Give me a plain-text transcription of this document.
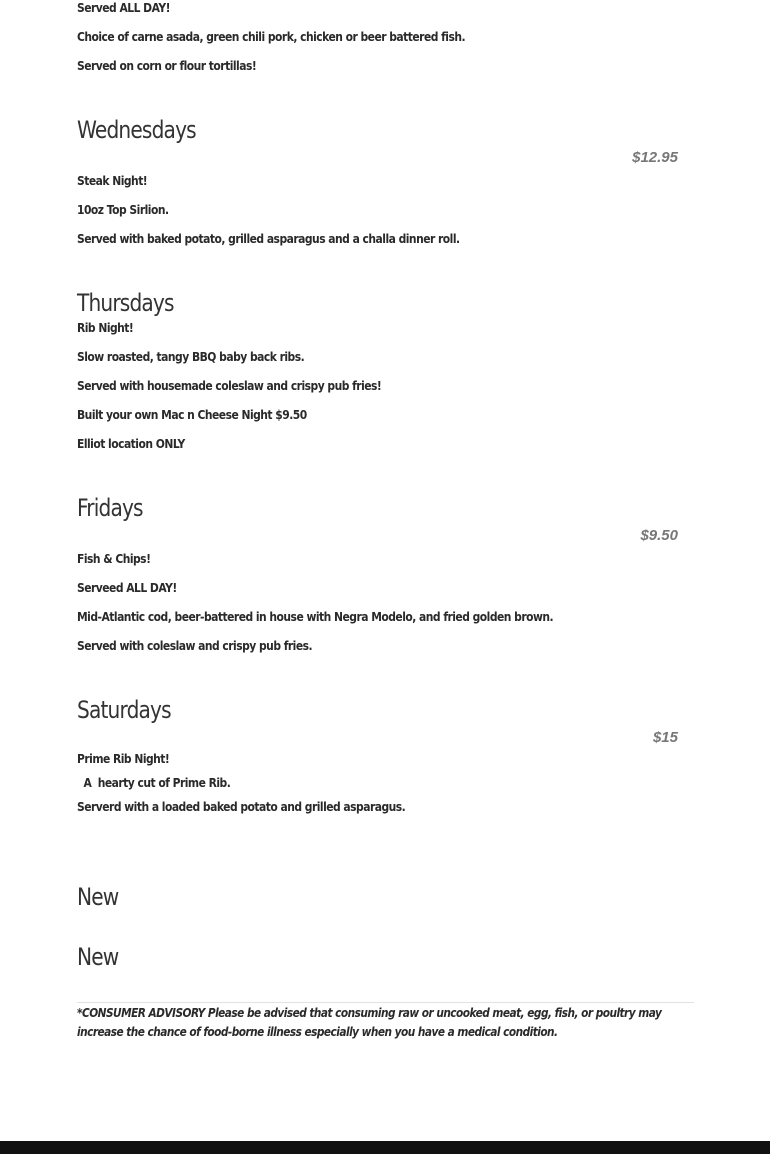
Served ALL DAY!
Choice of carne asada, green chili pork, chicken or beer battered fish.
Served on corn or flour tortillas!
Wednesdays
$12.95
Steak Night!
10oz Top Sirlion.
Served with baked potato, grilled asparagus and a challa dinner roll.
Thursdays
Rib Night!
Slow roasted, tangy BBQ baby back ribs.
Served with housemade coleslaw and crispy pub fries!
Built your own Mac n Cheese Night $9.50
Elliot location ONLY
Fridays
$9.50
Fish & Chips!
Serveed ALL DAY!
Mid-Atlantic cod, beer-battered in house with Negra Modelo, and fried golden brown.
Served with coleslaw and crispy pub fries.
Saturdays
$15
Prime Rib Night!
A  hearty cut of Prime Rib.
Serverd with a loaded baked potato and grilled asparagus.
New
New
*CONSUMER ADVISORY Please be advised that consuming raw or uncooked meat, egg, fish, or poultry may increase the chance of food-borne illness especially when you have a medical condition.
